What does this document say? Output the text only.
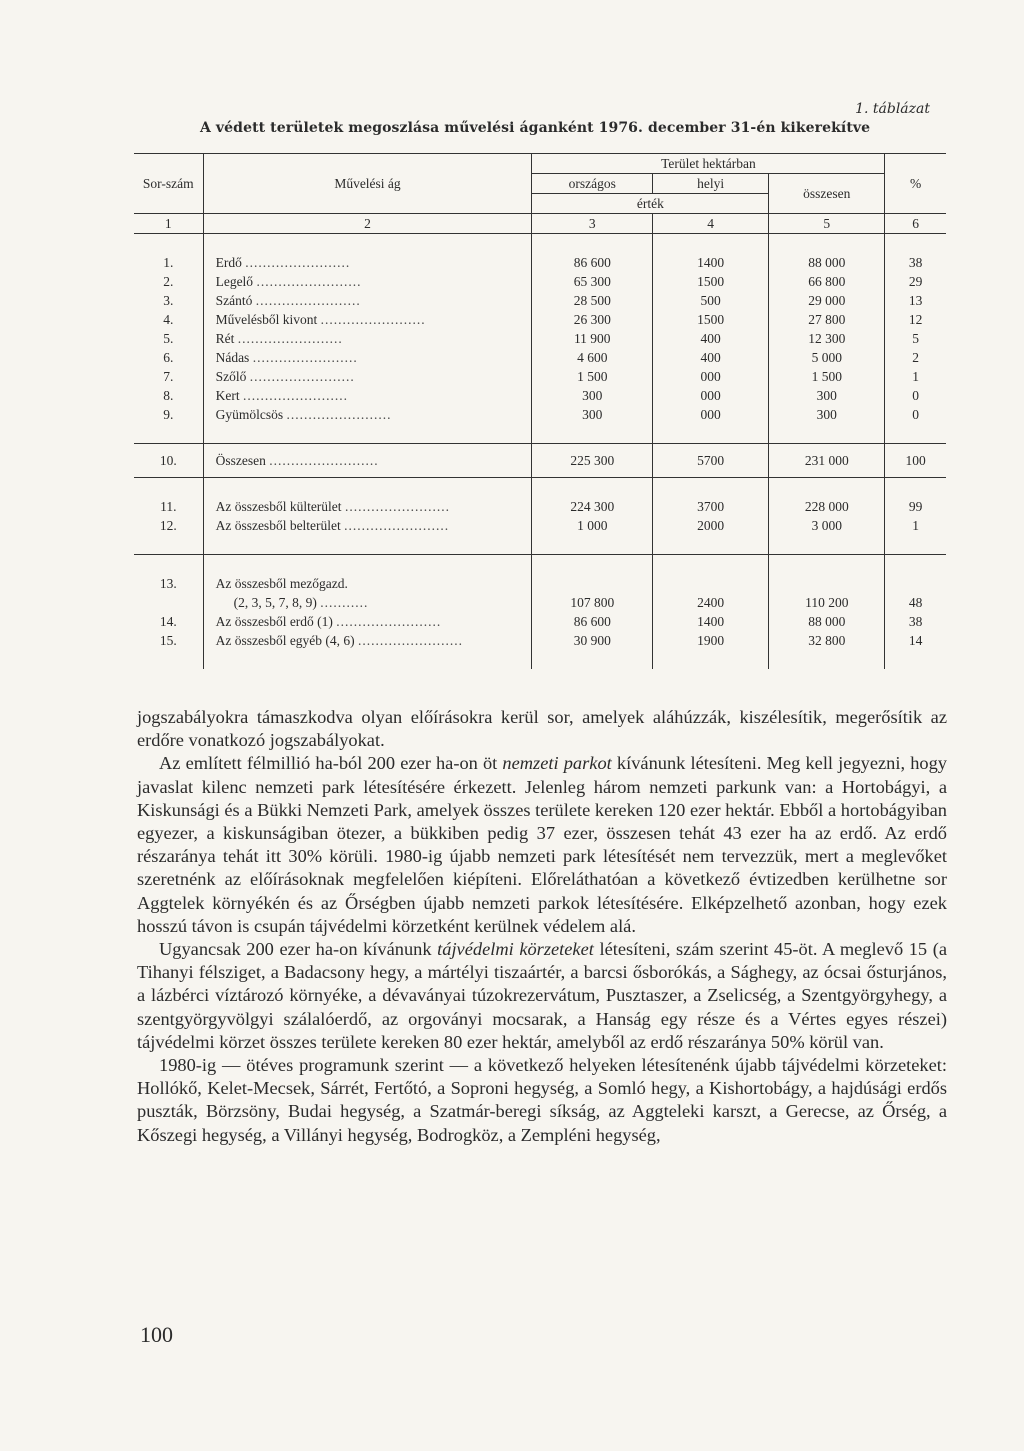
1. táblázat
A védett területek megoszlása művelési áganként 1976. december 31-én kikerekítve
Sor-szám	Művelési ág	Terület hektárban			%
		országos	helyi	összesen	
		érték			
1	2	3	4	5	6

1.	Erdő ........................	86 600	1400	88 000	38
2.	Legelő ........................	65 300	1500	66 800	29
3.	Szántó ........................	28 500	500	29 000	13
4.	Művelésből kivont ........................	26 300	1500	27 800	12
5.	Rét ........................	11 900	400	12 300	5
6.	Nádas ........................	4 600	400	5 000	2
7.	Szőlő ........................	1 500	000	1 500	1
8.	Kert ........................	300	000	300	0
9.	Gyümölcsös ........................	300	000	300	0

10.	Összesen .........................	225 300	5700	231 000	100

11.	Az összesből külterület ........................	224 300	3700	228 000	99
12.	Az összesből belterület ........................	1 000	2000	3 000	1

13.	Az összesből mezőgazd.				
	(2, 3, 5, 7, 8, 9) ...........	107 800	2400	110 200	48
14.	Az összesből erdő (1) ........................	86 600	1400	88 000	38
15.	Az összesből egyéb (4, 6) ........................	30 900	1900	32 800	14

jogszabályokra támaszkodva olyan előírásokra kerül sor, amelyek aláhúzzák, kiszélesítik, megerősítik az erdőre vonatkozó jogszabályokat.

Az említett félmillió ha-ból 200 ezer ha-on öt nemzeti parkot kívánunk létesíteni. Meg kell jegyezni, hogy javaslat kilenc nemzeti park létesítésére érkezett. Jelenleg három nemzeti parkunk van: a Hortobágyi, a Kiskunsági és a Bükki Nemzeti Park, amelyek összes területe kereken 120 ezer hektár. Ebből a hortobágyiban egyezer, a kiskunságiban ötezer, a bükkiben pedig 37 ezer, összesen tehát 43 ezer ha az erdő. Az erdő részaránya tehát itt 30% körüli. 1980-ig újabb nemzeti park létesítését nem tervezzük, mert a meglevőket szeretnénk az előírásoknak megfelelően kiépíteni. Előreláthatóan a következő évtizedben kerülhetne sor Aggtelek környékén és az Őrségben újabb nemzeti parkok létesítésére. Elképzelhető azonban, hogy ezek hosszú távon is csupán tájvédelmi körzetként kerülnek védelem alá.

Ugyancsak 200 ezer ha-on kívánunk tájvédelmi körzeteket létesíteni, szám szerint 45-öt. A meglevő 15 (a Tihanyi félsziget, a Badacsony hegy, a mártélyi tiszaártér, a barcsi ősborókás, a Sághegy, az ócsai ősturjános, a lázbérci víztározó környéke, a dévaványai túzokrezervátum, Pusztaszer, a Zselicség, a Szentgyörgyhegy, a szentgyörgyvölgyi szálalóerdő, az orgoványi mocsarak, a Hanság egy része és a Vértes egyes részei) tájvédelmi körzet összes területe kereken 80 ezer hektár, amelyből az erdő részaránya 50% körül van.

1980-ig — ötéves programunk szerint — a következő helyeken létesítenénk újabb tájvédelmi körzeteket: Hollókő, Kelet-Mecsek, Sárrét, Fertőtó, a Soproni hegység, a Somló hegy, a Kishortobágy, a hajdúsági erdős puszták, Börzsöny, Budai hegység, a Szatmár-beregi síkság, az Aggteleki karszt, a Gerecse, az Őrség, a Kőszegi hegység, a Villányi hegység, Bodrogköz, a Zempléni hegység,

100
